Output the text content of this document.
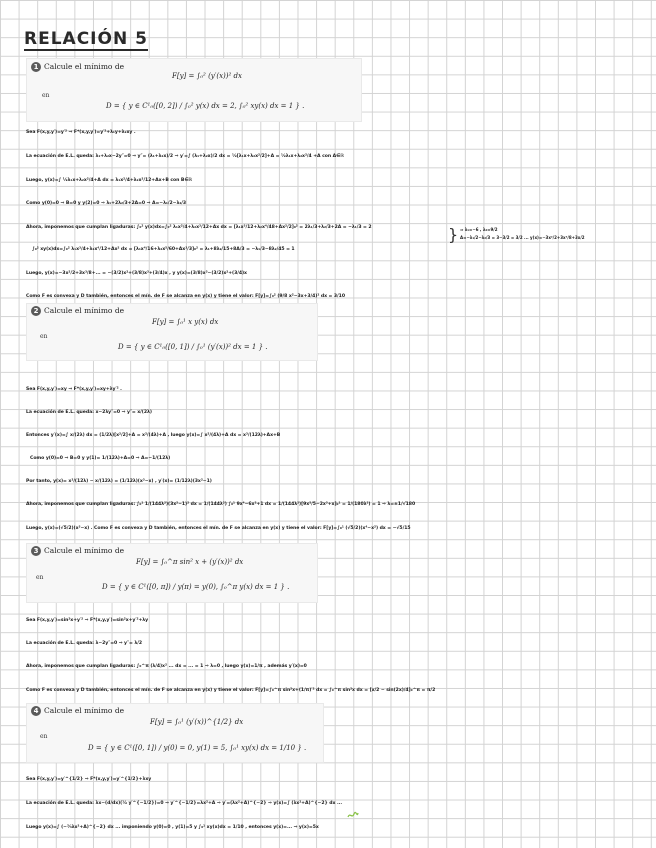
RELACIÓN 5
1 Calcule el mínimo de
F[y] = ∫₀² (y′(x))² dx
en
D = { y ∈ C¹₀([0, 2]) / ∫₀² y(x) dx = 2, ∫₀² xy(x) dx = 1 } .
Sea F(x,y,y′)=y′² ⇒ F*(x,y,y′)=y′²+λ₁y+λ₂xy .
La ecuación de E.L. queda: λ₁+λ₂x−2y″=0 ⇒ y″= (λ₁+λ₂x)/2 ⇒ y′=∫ (λ₁+λ₂x)/2 dx = ½[λ₁x+λ₂x²/2]+A = ½λ₁x+λ₂x²/4 +A con A∈ℝ
Luego, y(x)=∫ ½λ₁x+λ₂x²/4+A dx = λ₁x²/4+λ₂x³/12+Ax+B con B∈ℝ
Como y(0)=0 ⇒ B=0 y y(2)=0 ⇒ λ₁+2λ₂/3+2A=0 ⇒ A=−λ₁/2−λ₂/3
Ahora, imponemos que cumplan ligaduras: ∫₀² y(x)dx=∫₀² λ₁x²/4+λ₂x³/12+Ax dx = [λ₁x³/12+λ₂x⁴/48+Ax²/2]₀² = 2λ₁/3+λ₂/3+2A = −λ₁/3 = 2
∫₀² xy(x)dx=∫₀² λ₁x³/4+λ₂x⁴/12+Ax² dx = [λ₁x⁴/16+λ₂x⁵/60+Ax³/3]₀² = λ₁+8λ₂/15+8A/3 = −λ₁/3−8λ₂/45 = 1
} ⇒ λ₁=−6 , λ₂=9/2
A=−λ₁/2−λ₂/3 = 3−3/2 = 3/2 ... y(x)=−3x²/2+3x³/8+3x/2
Luego, y(x)=−3x²/2+3x³/8+... = −(3/2)x²+(3/8)x³+(3/4)x , y y(x)=(3/8)x³−(3/2)x²+(3/4)x
Como F es convexa y D también, entonces el mín. de F se alcanza en y(x) y tiene el valor: F[y]=∫₀² (9/8 x²−3x+3/4)² dx = 3/10
2 Calcule el mínimo de
F[y] = ∫₀¹ x y(x) dx
en
D = { y ∈ C¹₀([0, 1]) / ∫₀¹ (y′(x))² dx = 1 } .
Sea F(x,y,y′)=xy ⇒ F*(x,y,y′)=xy+λy′² .
La ecuación de E.L. queda: x−2λy″=0 ⇒ y″= x/(2λ)
Entonces y′(x)=∫ x/(2λ) dx = (1/2λ)[x²/2]+A = x²/(4λ)+A , luego y(x)=∫ x²/(4λ)+A dx = x³/(12λ)+Ax+B
Como y(0)=0 ⇒ B=0 y y(1)= 1/(12λ)+A=0 ⇒ A=−1/(12λ)
Por tanto, y(x)= x³/(12λ) − x/(12λ) = (1/12λ)(x³−x) , y′(x)= (1/12λ)(3x²−1)
Ahora, imponemos que cumplan ligaduras: ∫₀¹ 1/(144λ²)(3x²−1)² dx = 1/(144λ²) ∫₀¹ 9x⁴−6x²+1 dx = 1/(144λ²)[9x⁵/5−2x³+x]₀¹ = 1/(180λ²) = 1 ⇒ λ=±1/√180
Luego, y(x)=(√5/2)(x³−x) . Como F es convexa y D también, entonces el mín. de F se alcanza en y(x) y tiene el valor: F[y]=∫₀¹ (√5/2)(x⁴−x²) dx = −√5/15
3 Calcule el mínimo de
F[y] = ∫₀^π sin² x + (y′(x))² dx
en
D = { y ∈ C¹([0, π]) / y(π) = y(0), ∫₀^π y(x) dx = 1 } .
Sea F(x,y,y′)=sin²x+y′² ⇒ F*(x,y,y′)=sin²x+y′²+λy
La ecuación de E.L. queda: λ−2y″=0 ⇒ y″= λ/2
Ahora, imponemos que cumplan ligaduras: ∫₀^π (λ/4)x² ... dx = ... = 1 ⇒ λ=0 , luego y(x)=1/π , además y′(x)=0
Como F es convexa y D también, entonces el mín. de F se alcanza en y(x) y tiene el valor: F[y]=∫₀^π sin²x+(1/π)′² dx = ∫₀^π sin²x dx = [x/2 − sin(2x)/4]₀^π = π/2
4 Calcule el mínimo de
F[y] = ∫₀¹ (y′(x))^{1/2} dx
en
D = { y ∈ C¹([0, 1]) / y(0) = 0, y(1) = 5, ∫₀¹ xy(x) dx = 1/10 } .
Sea F(x,y,y′)=y′^{1/2} ⇒ F*(x,y,y′)=y′^{1/2}+λxy
La ecuación de E.L. queda: λx−(d/dx)(½ y′^{−1/2})=0 ⇒ y′^{−1/2}=λx²+A ⇒ y′=(λx²+A)^{−2} ⇒ y(x)=∫ (λx²+A)^{−2} dx ...
Luego y(x)=∫ (−⅔λx³+A)^{−2} dx ... imponiendo y(0)=0 , y(1)=5 y ∫₀¹ xy(x)dx = 1/10 , entonces y(x)=... ⇒ y(x)=5x
